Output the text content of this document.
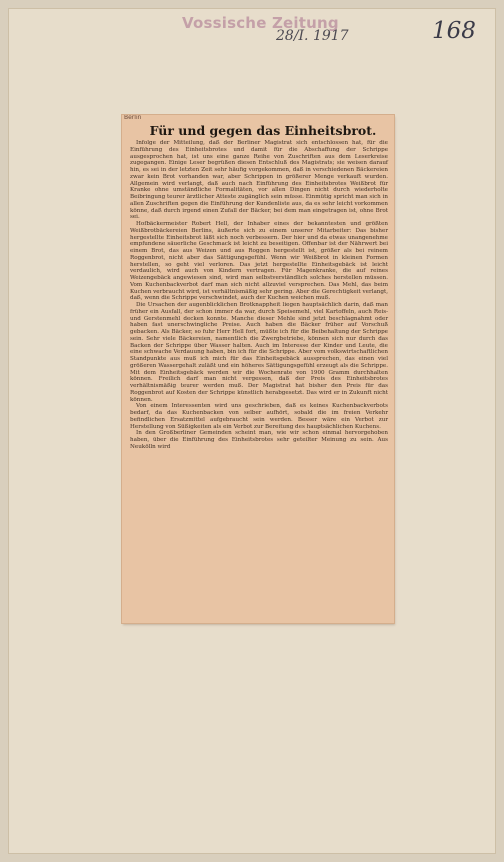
Vossische Zeitung
28/I. 1917	168
Berlin
Für und gegen das Einheitsbrot.

Infolge der Mitteilung, daß der Berliner Magistrat sich entschlossen hat, für die Einführung des Einheitsbrotes und damit für die Abschaffung der Schrippe ausgesprochen hat, ist uns eine ganze Reihe von Zuschriften aus dem Leserkreise zugegangen. Einige Leser begrüßen diesen Entschluß des Magistrats; sie weisen darauf hin, es sei in der letzten Zeit sehr häufig vorgekommen, daß in verschiedenen Bäckereien zwar kein Brot vorhanden war, aber Schrippen in größerer Menge verkauft wurden. Allgemein wird verlangt, daß auch nach Einführung des Einheitsbrotes Weißbrot für Kranke ohne umständliche Formalitäten, vor allen Dingen nicht durch wiederholte Beibringung teurer ärztlicher Atteste zugänglich sein müsse. Einmütig spricht man sich in allen Zuschriften gegen die Einführung der Kundenliste aus, da es sehr leicht vorkommen könne, daß durch irgend einen Zufall der Bäcker, bei dem man eingetragen ist, ohne Brot sei.

Hofbäckermeister Robert Hell, der Inhaber eines der bekanntesten und größten Weißbrotbäckereien Berlins, äußerte sich zu einem unserer Mitarbeiter: Das bisher hergestellte Einheitsbrot läßt sich noch verbessern. Der hier und da etwas unangenehme empfundene säuerliche Geschmack ist leicht zu beseitigen. Offenbar ist der Nährwert bei einem Brot, das aus Weizen und aus Roggen hergestellt ist, größer als bei reinem Roggenbrot, nicht aber das Sättigungsgefühl. Wenn wir Weißbrot in kleinen Formen herstellen, so geht viel verloren. Das jetzt hergestellte Einheitsgebäck ist leicht verdaulich, wird auch von Kindern vertragen. Für Magenkranke, die auf reines Weizengebäck angewiesen sind, wird man selbstverständlich solches herstellen müssen. Vom Kuchenbackverbot darf man sich nicht allzuviel versprechen. Das Mehl, das beim Kuchen verbraucht wird, ist verhältnismäßig sehr gering. Aber die Gerechtigkeit verlangt, daß, wenn die Schrippe verschwindet, auch der Kuchen weichen muß.

Die Ursachen der augenblicklichen Brotknappheit liegen hauptsächlich darin, daß man früher ein Ausfall, der schon immer da war, durch Speisemehl, viel Kartoffeln, auch Reis- und Gerstenmehl decken konnte. Manche dieser Mehle sind jetzt beschlagnahmt oder haben fast unerschwingliche Preise. Auch haben die Bäcker früher auf Vorschuß gebacken. Als Bäcker, so fuhr Herr Hell fort, müßte ich für die Beibehaltung der Schrippe sein. Sehr viele Bäckereien, namentlich die Zwergbetriebe, können sich nur durch das Backen der Schrippe über Wasser halten. Auch im Interesse der Kinder und Leute, die eine schwache Verdauung haben, bin ich für die Schrippe. Aber vom volkswirtschaftlichen Standpunkte aus muß ich mich für das Einheitsgebäck aussprechen, das einen viel größeren Wassergehalt zuläßt und ein höheres Sättigungsgefühl erzeugt als die Schrippe. Mit dem Einheitsgebäck werden wir die Wochenrate von 1900 Gramm durchhalten können. Freilich darf man nicht vergessen, daß der Preis des Einheitsbrotes verhältnismäßig teurer werden muß. Der Magistrat hat bisher den Preis für das Roggenbrot auf Kosten der Schrippe künstlich herabgesetzt. Das wird er in Zukunft nicht können.

Von einem Interessenten wird uns geschrieben, daß es keines Kuchenbackverbots bedarf, da das Kuchenbacken von selber aufhört, sobald die im freien Verkehr befindlichen Ersatzmittel aufgebraucht sein werden. Besser wäre ein Verbot zur Herstellung von Süßigkeiten als ein Verbot zur Bereitung des hauptsächlichen Kuchens.

In den Großberliner Gemeinden scheint man, wie wir schon einmal hervorgehoben haben, über die Einführung des Einheitsbrotes sehr geteilter Meinung zu sein. Aus Neukölln wird
